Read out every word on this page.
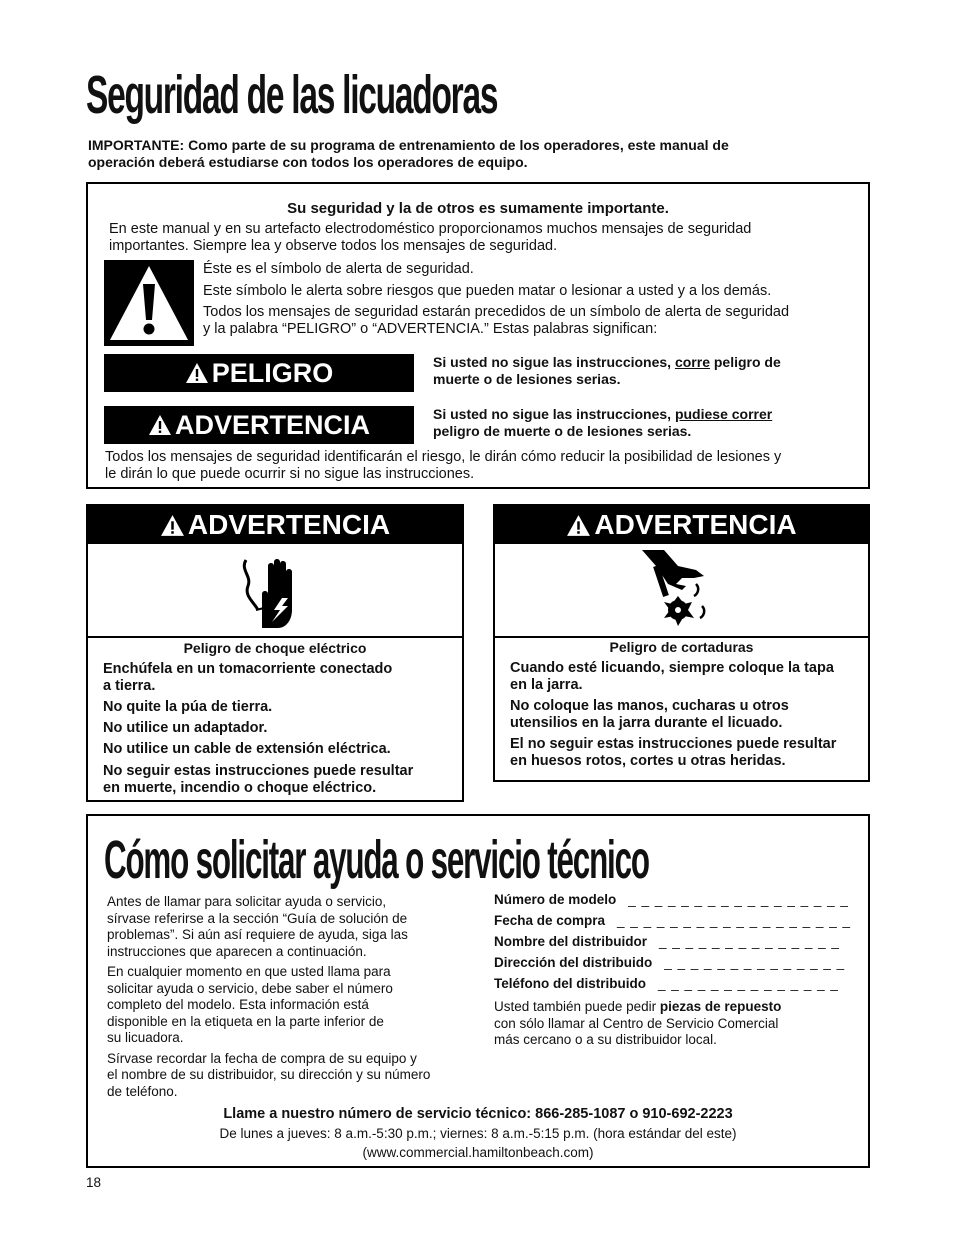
Seguridad de las licuadoras
IMPORTANTE: Como parte de su programa de entrenamiento de los operadores, este manual de
operación deberá estudiarse con todos los operadores de equipo.
Su seguridad y la de otros es sumamente importante.
En este manual y en su artefacto electrodoméstico proporcionamos muchos mensajes de seguridad
importantes. Siempre lea y observe todos los mensajes de seguridad.
Éste es el símbolo de alerta de seguridad.
Este símbolo le alerta sobre riesgos que pueden matar o lesionar a usted y a los demás.
Todos los mensajes de seguridad estarán precedidos de un símbolo de alerta de seguridad
y la palabra “PELIGRO” o “ADVERTENCIA.” Estas palabras significan:
PELIGRO	Si usted no sigue las instrucciones, corre peligro de
muerte o de lesiones serias.
ADVERTENCIA	Si usted no sigue las instrucciones, pudiese correr
peligro de muerte o de lesiones serias.
Todos los mensajes de seguridad identificarán el riesgo, le dirán cómo reducir la posibilidad de lesiones y
le dirán lo que puede ocurrir si no sigue las instrucciones.
ADVERTENCIA
Peligro de choque eléctrico
Enchúfela en un tomacorriente conectado
a tierra.
No quite la púa de tierra.
No utilice un adaptador.
No utilice un cable de extensión eléctrica.
No seguir estas instrucciones puede resultar
en muerte, incendio o choque eléctrico.
ADVERTENCIA
Peligro de cortaduras
Cuando esté licuando, siempre coloque la tapa
en la jarra.
No coloque las manos, cucharas u otros
utensilios en la jarra durante el licuado.
El no seguir estas instrucciones puede resultar
en huesos rotos, cortes u otras heridas.
Cómo solicitar ayuda o servicio técnico
Antes de llamar para solicitar ayuda o servicio,
sírvase referirse a la sección “Guía de solución de
problemas”. Si aún así requiere de ayuda, siga las
instrucciones que aparecen a continuación.
En cualquier momento en que usted llama para
solicitar ayuda o servicio, debe saber el número
completo del modelo. Esta información está
disponible en la etiqueta en la parte inferior de
su licuadora.
Sírvase recordar la fecha de compra de su equipo y
el nombre de su distribuidor, su dirección y su número
de teléfono.
Número de modelo _ _ _ _ _ _ _ _ _ _ _ _ _ _ _ _ _
Fecha de compra _ _ _ _ _ _ _ _ _ _ _ _ _ _ _ _ _ _
Nombre del distribuidor _ _ _ _ _ _ _ _ _ _ _ _ _ _
Dirección del distribuido _ _ _ _ _ _ _ _ _ _ _ _ _ _
Teléfono del distribuido _ _ _ _ _ _ _ _ _ _ _ _ _ _
Usted también puede pedir piezas de repuesto
con sólo llamar al Centro de Servicio Comercial
más cercano o a su distribuidor local.
Llame a nuestro número de servicio técnico: 866-285-1087 o 910-692-2223
De lunes a jueves: 8 a.m.-5:30 p.m.; viernes: 8 a.m.-5:15 p.m. (hora estándar del este)
(www.commercial.hamiltonbeach.com)
18
